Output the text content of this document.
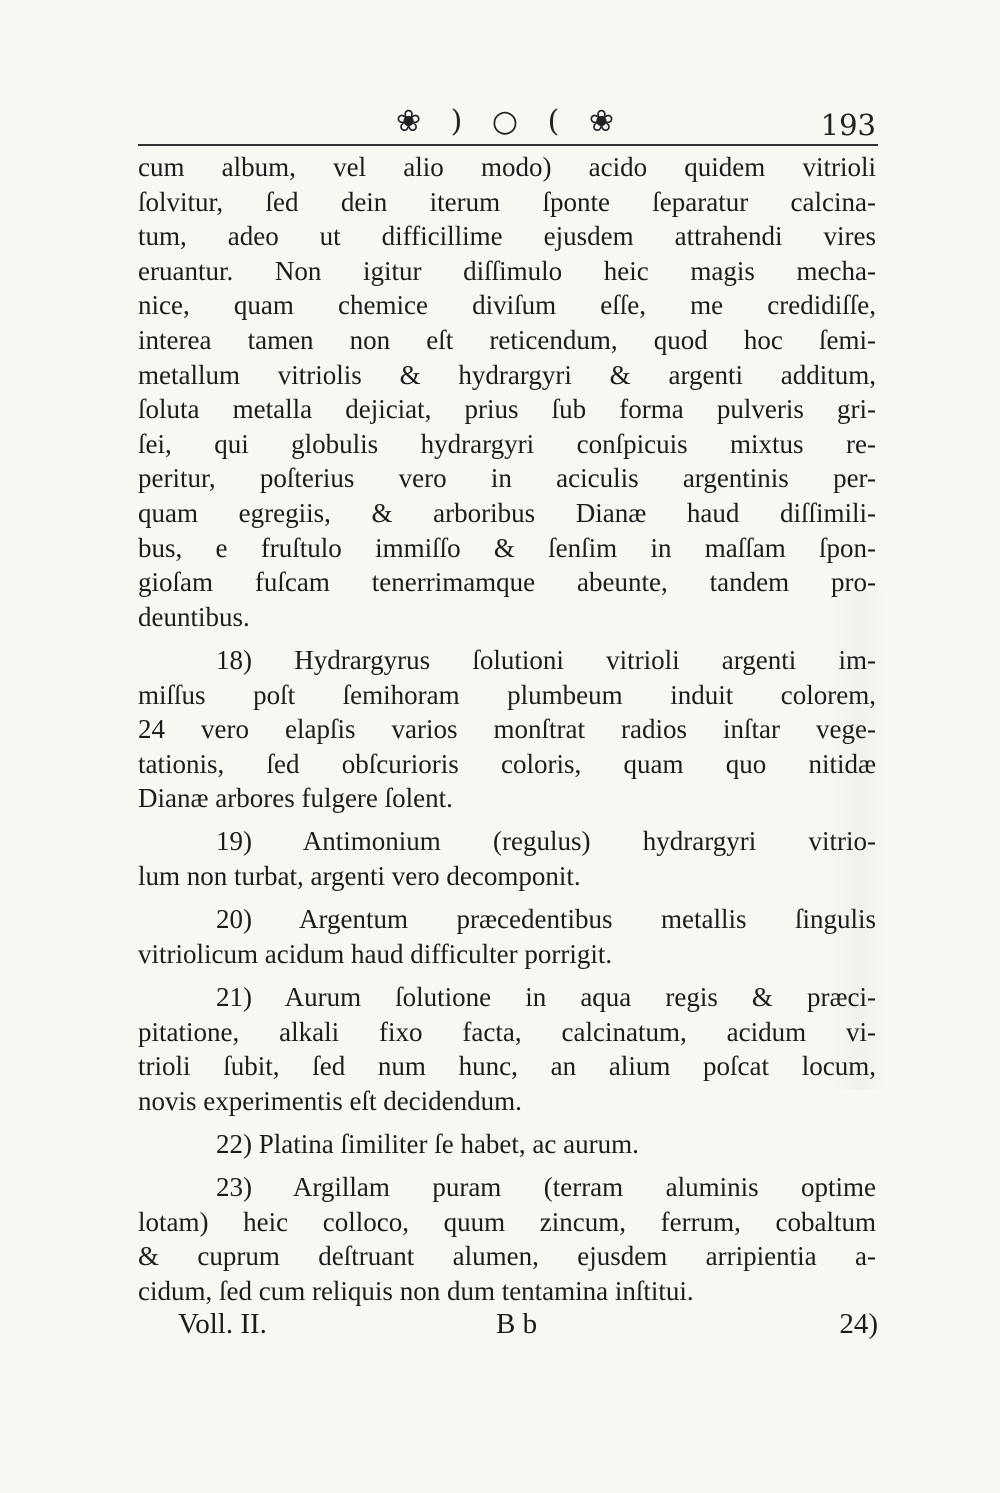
❀ ) ○ ( ❀	193
cum album, vel alio modo) acido quidem vitrioli
ſolvitur, ſed dein iterum ſponte ſeparatur calcina-
tum, adeo ut difficillime ejusdem attrahendi vires
eruantur. Non igitur diſſimulo heic magis mecha-
nice, quam chemice diviſum eſſe, me credidiſſe,
interea tamen non eſt reticendum, quod hoc ſemi-
metallum vitriolis & hydrargyri & argenti additum,
ſoluta metalla dejiciat, prius ſub forma pulveris gri-
ſei, qui globulis hydrargyri conſpicuis mixtus re-
peritur, poſterius vero in aciculis argentinis per-
quam egregiis, & arboribus Dianæ haud diſſimili-
bus, e fruſtulo immiſſo & ſenſim in maſſam ſpon-
gioſam fuſcam tenerrimamque abeunte, tandem pro-
deuntibus.
18) Hydrargyrus ſolutioni vitrioli argenti im-
miſſus poſt ſemihoram plumbeum induit colorem,
24 vero elapſis varios monſtrat radios inſtar vege-
tationis, ſed obſcurioris coloris, quam quo nitidæ
Dianæ arbores fulgere ſolent.
19) Antimonium (regulus) hydrargyri vitrio-
lum non turbat, argenti vero decomponit.
20) Argentum præcedentibus metallis ſingulis
vitriolicum acidum haud difficulter porrigit.
21) Aurum ſolutione in aqua regis & præci-
pitatione, alkali fixo facta, calcinatum, acidum vi-
trioli ſubit, ſed num hunc, an alium poſcat locum,
novis experimentis eſt decidendum.
22) Platina ſimiliter ſe habet, ac aurum.
23) Argillam puram (terram aluminis optime
lotam) heic colloco, quum zincum, ferrum, cobaltum
& cuprum deſtruant alumen, ejusdem arripientia a-
cidum, ſed cum reliquis non dum tentamina inſtitui.
Voll. II.	B b	24)
